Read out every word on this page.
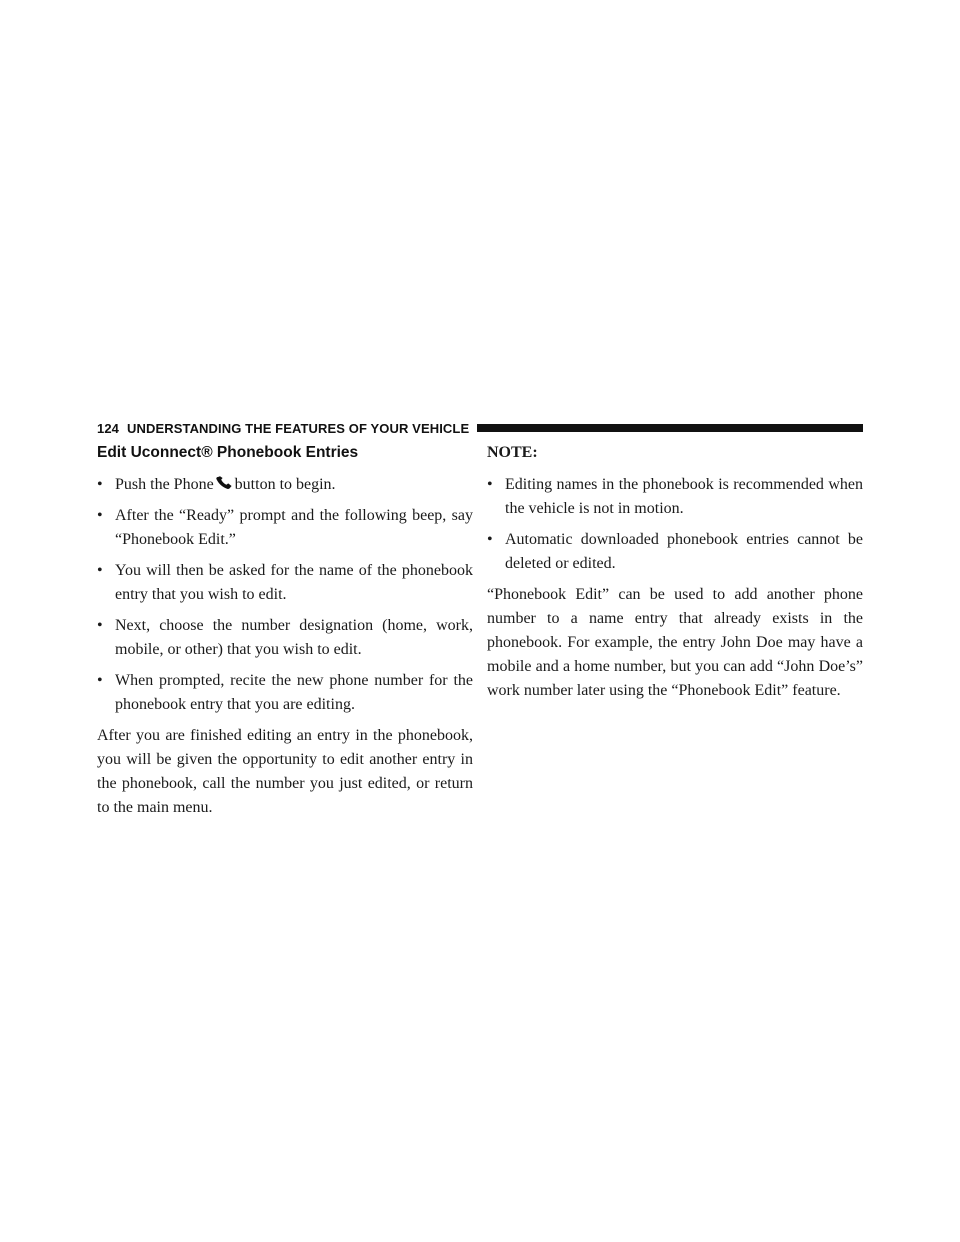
124 UNDERSTANDING THE FEATURES OF YOUR VEHICLE
Edit Uconnect® Phonebook Entries
• Push the Phone button to begin.
• After the “Ready” prompt and the following beep, say “Phonebook Edit.”
• You will then be asked for the name of the phonebook entry that you wish to edit.
• Next, choose the number designation (home, work, mobile, or other) that you wish to edit.
• When prompted, recite the new phone number for the phonebook entry that you are editing.

After you are finished editing an entry in the phonebook, you will be given the opportunity to edit another entry in the phonebook, call the number you just edited, or return to the main menu.

NOTE:
• Editing names in the phonebook is recommended when the vehicle is not in motion.
• Automatic downloaded phonebook entries cannot be deleted or edited.

“Phonebook Edit” can be used to add another phone number to a name entry that already exists in the phonebook. For example, the entry John Doe may have a mobile and a home number, but you can add “John Doe’s” work number later using the “Phonebook Edit” feature.
